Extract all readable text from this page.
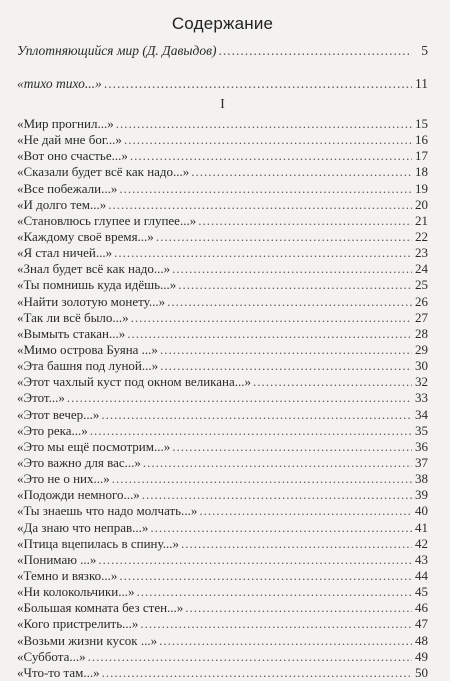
Содержание
Уплотняющийся мир (Д. Давыдов) .....	5
«тихо тихо...» .....	11
I
«Мир прогнил...» .....	15
«Не дай мне бог...» .....	16
«Вот оно счастье...» .....	17
«Сказали будет всё как надо...» .....	18
«Все побежали...» .....	19
«И долго тем...» .....	20
«Становлюсь глупее и глупее...» .....	21
«Каждому своё время...» .....	22
«Я стал ничей...» .....	23
«Знал будет всё как надо...» .....	24
«Ты помнишь куда идёшь...» .....	25
«Найти золотую монету...» .....	26
«Так ли всё было...» .....	27
«Вымыть стакан...» .....	28
«Мимо острова Буяна ...» .....	29
«Эта башня под луной...» .....	30
«Этот чахлый куст под окном великана...» .....	32
«Этот...» .....	33
«Этот вечер...» .....	34
«Это река...» .....	35
«Это мы ещё посмотрим...» .....	36
«Это важно для вас...» .....	37
«Это не о них...» .....	38
«Подожди немного...» .....	39
«Ты знаешь что надо молчать...» .....	40
«Да знаю что неправ...» .....	41
«Птица вцепилась в спину...» .....	42
«Понимаю ...» .....	43
«Темно и вязко...» .....	44
«Ни колокольчики...» .....	45
«Большая комната без стен...» .....	46
«Кого пристрелить...» .....	47
«Возьми жизни кусок ...» .....	48
«Суббота...» .....	49
«Что-то там...» .....	50
